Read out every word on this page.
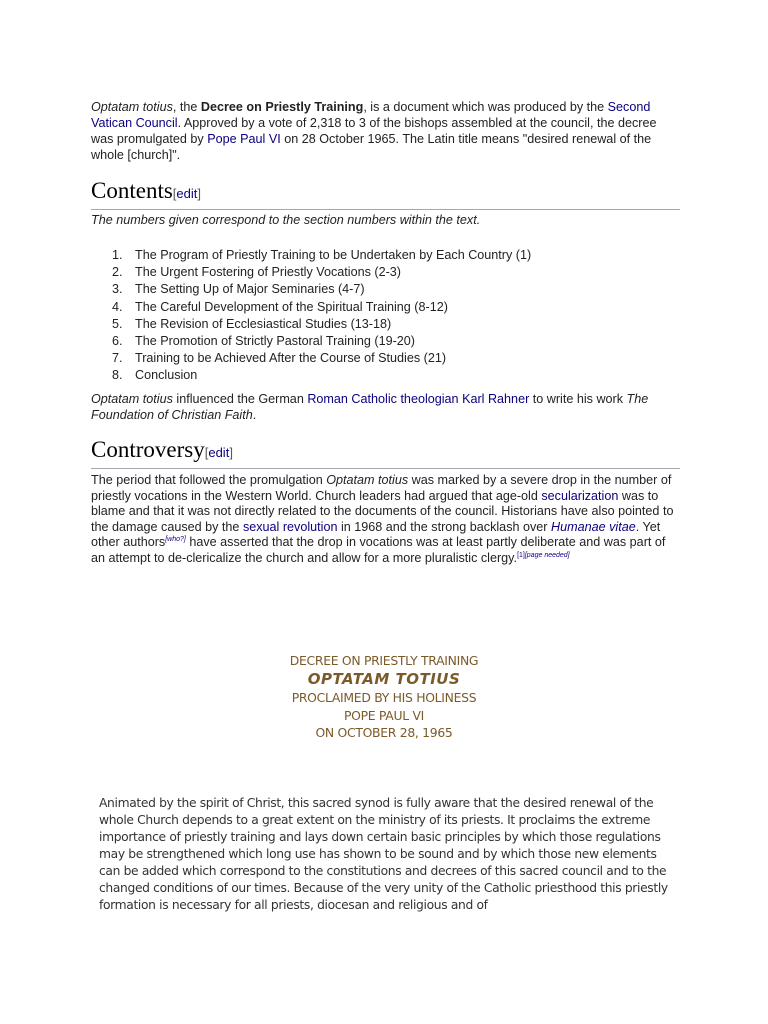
Optatam totius, the Decree on Priestly Training, is a document which was produced by the Second Vatican Council. Approved by a vote of 2,318 to 3 of the bishops assembled at the council, the decree was promulgated by Pope Paul VI on 28 October 1965. The Latin title means "desired renewal of the whole [church]".
Contents[edit]
The numbers given correspond to the section numbers within the text.
1. The Program of Priestly Training to be Undertaken by Each Country (1)
2. The Urgent Fostering of Priestly Vocations (2-3)
3. The Setting Up of Major Seminaries (4-7)
4. The Careful Development of the Spiritual Training (8-12)
5. The Revision of Ecclesiastical Studies (13-18)
6. The Promotion of Strictly Pastoral Training (19-20)
7. Training to be Achieved After the Course of Studies (21)
8. Conclusion
Optatam totius influenced the German Roman Catholic theologian Karl Rahner to write his work The Foundation of Christian Faith.
Controversy[edit]
The period that followed the promulgation Optatam totius was marked by a severe drop in the number of priestly vocations in the Western World. Church leaders had argued that age-old secularization was to blame and that it was not directly related to the documents of the council. Historians have also pointed to the damage caused by the sexual revolution in 1968 and the strong backlash over Humanae vitae. Yet other authors[who?] have asserted that the drop in vocations was at least partly deliberate and was part of an attempt to de-clericalize the church and allow for a more pluralistic clergy.[1][page needed]
DECREE ON PRIESTLY TRAINING
OPTATAM TOTIUS
PROCLAIMED BY HIS HOLINESS
POPE PAUL VI
ON OCTOBER 28, 1965
Animated by the spirit of Christ, this sacred synod is fully aware that the desired renewal of the whole Church depends to a great extent on the ministry of its priests. It proclaims the extreme importance of priestly training and lays down certain basic principles by which those regulations may be strengthened which long use has shown to be sound and by which those new elements can be added which correspond to the constitutions and decrees of this sacred council and to the changed conditions of our times. Because of the very unity of the Catholic priesthood this priestly formation is necessary for all priests, diocesan and religious and of
